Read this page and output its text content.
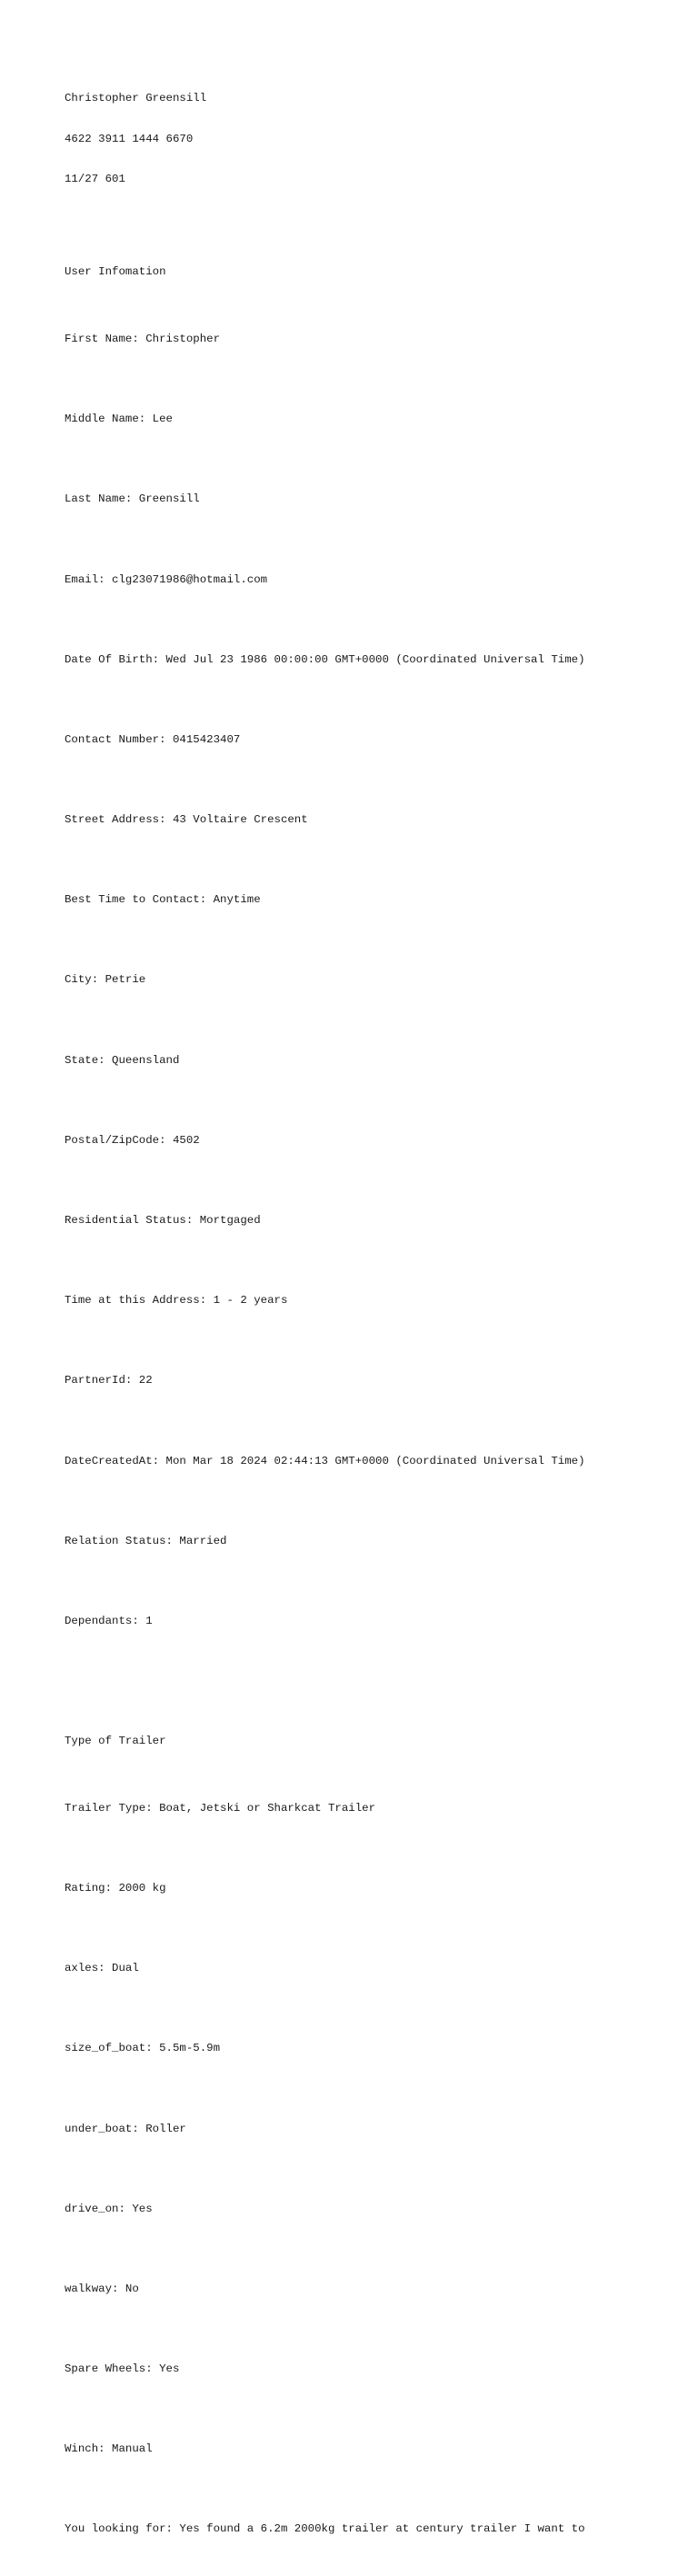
Christopher Greensill

4622 3911 1444 6670

11/27 601

User Infomation

First Name: Christopher

Middle Name: Lee

Last Name: Greensill

Email: clg23071986@hotmail.com

Date Of Birth: Wed Jul 23 1986 00:00:00 GMT+0000 (Coordinated Universal Time)

Contact Number: 0415423407

Street Address: 43 Voltaire Crescent

Best Time to Contact: Anytime

City: Petrie

State: Queensland

Postal/ZipCode: 4502

Residential Status: Mortgaged

Time at this Address: 1 - 2 years

PartnerId: 22

DateCreatedAt: Mon Mar 18 2024 02:44:13 GMT+0000 (Coordinated Universal Time)

Relation Status: Married

Dependants: 1

Type of Trailer

Trailer Type: Boat, Jetski or Sharkcat Trailer

Rating: 2000 kg

axles: Dual

size_of_boat: 5.5m-5.9m

under_boat: Roller

drive_on: Yes

walkway: No

Spare Wheels: Yes

Winch: Manual

You looking for: Yes found a 6.2m 2000kg trailer at century trailer I want to
